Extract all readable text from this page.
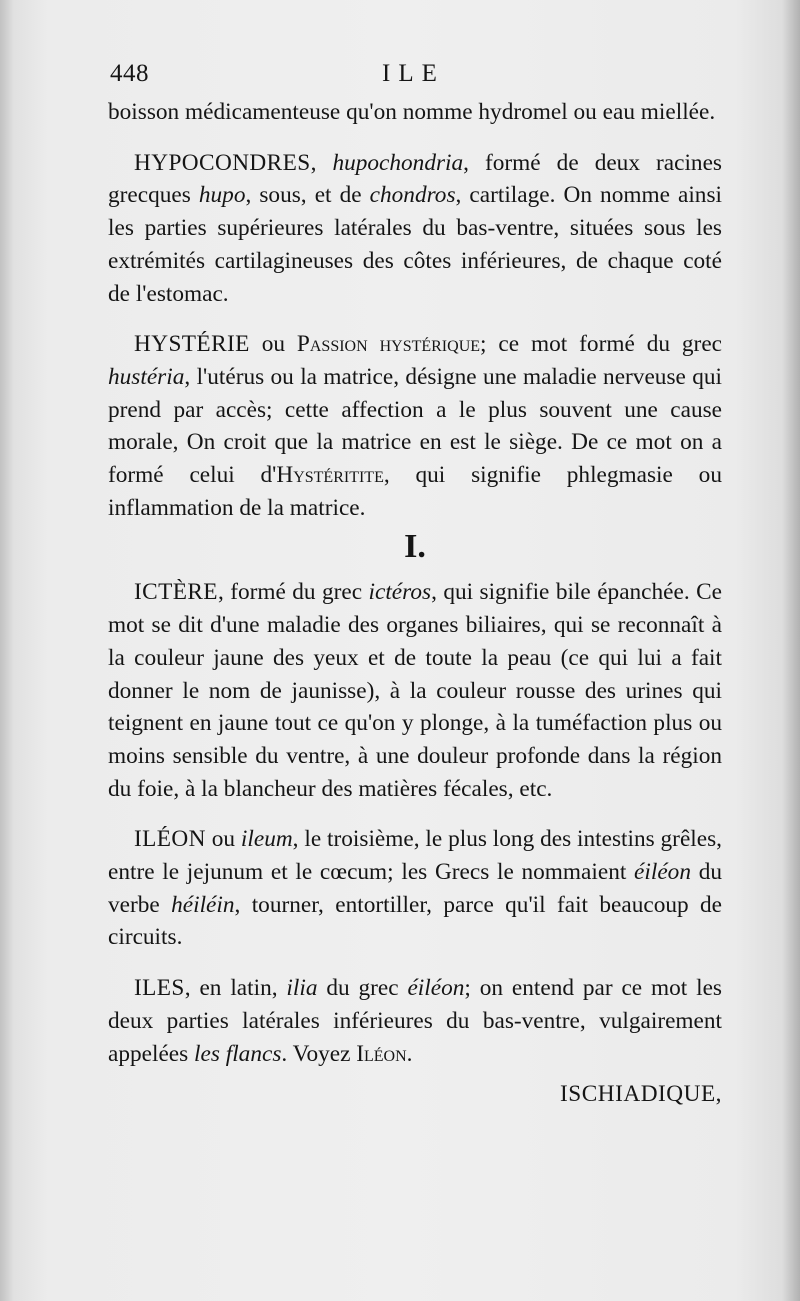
448	ILE

boisson médicamenteuse qu'on nomme hydromel ou eau miellée.

HYPOCONDRES, hupochondria, formé de deux racines grecques hupo, sous, et de chondros, cartilage. On nomme ainsi les parties supérieures latérales du bas-ventre, situées sous les extrémités cartilagineuses des côtes inférieures, de chaque coté de l'estomac.

HYSTÉRIE ou Passion hystérique; ce mot formé du grec hustéria, l'utérus ou la matrice, désigne une maladie nerveuse qui prend par accès; cette affection a le plus souvent une cause morale, On croit que la matrice en est le siège. De ce mot on a formé celui d'Hystéritite, qui signifie phlegmasie ou inflammation de la matrice.

I.

ICTÈRE, formé du grec ictéros, qui signifie bile épanchée. Ce mot se dit d'une maladie des organes biliaires, qui se reconnaît à la couleur jaune des yeux et de toute la peau (ce qui lui a fait donner le nom de jaunisse), à la couleur rousse des urines qui teignent en jaune tout ce qu'on y plonge, à la tuméfaction plus ou moins sensible du ventre, à une douleur profonde dans la région du foie, à la blancheur des matières fécales, etc.

ILÉON ou ileum, le troisième, le plus long des intestins grêles, entre le jejunum et le cœcum; les Grecs le nommaient éiléon du verbe héiléin, tourner, entortiller, parce qu'il fait beaucoup de circuits.

ILES, en latin, ilia du grec éiléon; on entend par ce mot les deux parties latérales inférieures du bas-ventre, vulgairement appelées les flancs. Voyez Iléon.

ISCHIADIQUE,
